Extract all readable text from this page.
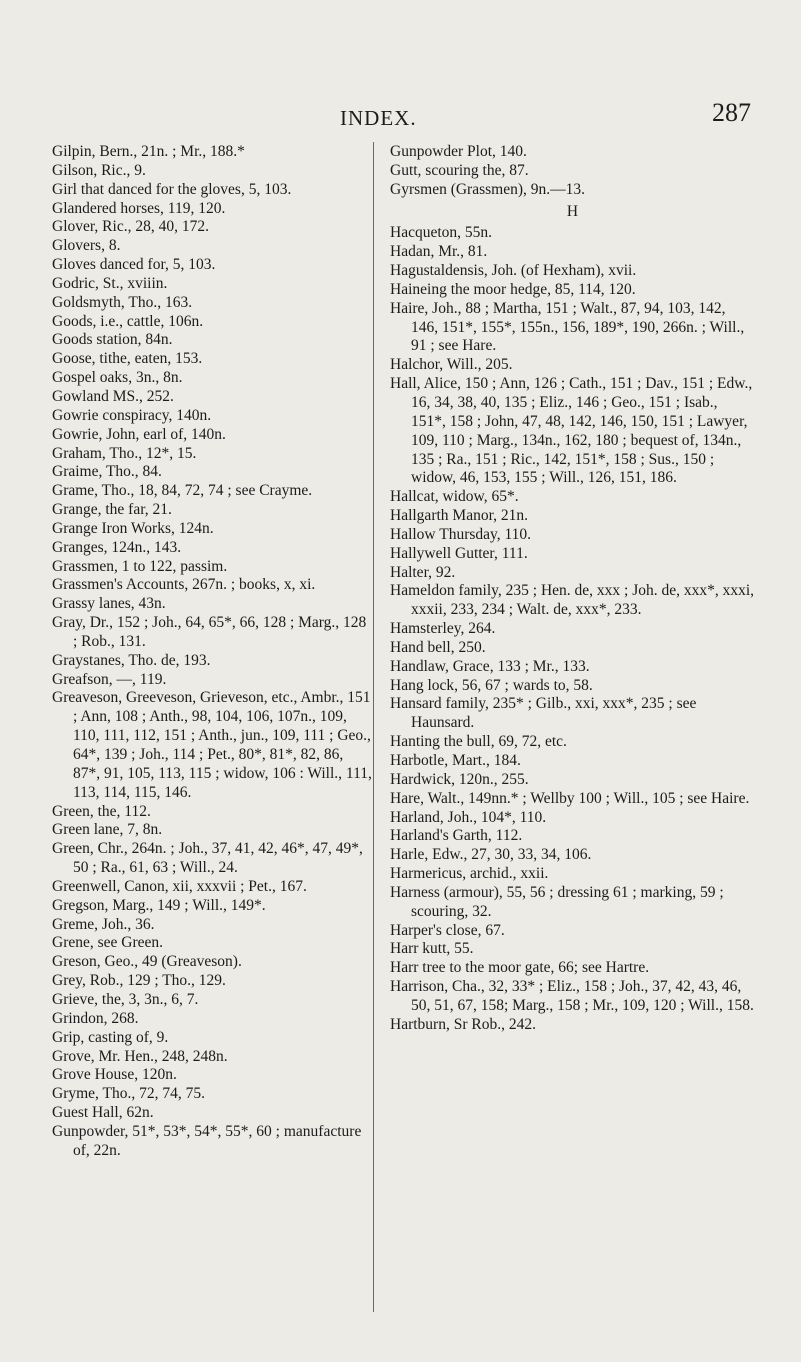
INDEX.	287

Gilpin, Bern., 21n. ; Mr., 188.*

Gilson, Ric., 9.

Girl that danced for the gloves, 5, 103.

Glandered horses, 119, 120.

Glover, Ric., 28, 40, 172.

Glovers, 8.

Gloves danced for, 5, 103.

Godric, St., xviiin.

Goldsmyth, Tho., 163.

Goods, i.e., cattle, 106n.

Goods station, 84n.

Goose, tithe, eaten, 153.

Gospel oaks, 3n., 8n.

Gowland MS., 252.

Gowrie conspiracy, 140n.

Gowrie, John, earl of, 140n.

Graham, Tho., 12*, 15.

Graime, Tho., 84.

Grame, Tho., 18, 84, 72, 74 ; see Crayme.

Grange, the far, 21.

Grange Iron Works, 124n.

Granges, 124n., 143.

Grassmen, 1 to 122, passim.

Grassmen's Accounts, 267n. ; books, x, xi.

Grassy lanes, 43n.

Gray, Dr., 152 ; Joh., 64, 65*, 66, 128 ; Marg., 128 ; Rob., 131.

Graystanes, Tho. de, 193.

Greafson, —, 119.

Greaveson, Greeveson, Grieveson, etc., Ambr., 151 ; Ann, 108 ; Anth., 98, 104, 106, 107n., 109, 110, 111, 112, 151 ; Anth., jun., 109, 111 ; Geo., 64*, 139 ; Joh., 114 ; Pet., 80*, 81*, 82, 86, 87*, 91, 105, 113, 115 ; widow, 106 : Will., 111, 113, 114, 115, 146.

Green, the, 112.

Green lane, 7, 8n.

Green, Chr., 264n. ; Joh., 37, 41, 42, 46*, 47, 49*, 50 ; Ra., 61, 63 ; Will., 24.

Greenwell, Canon, xii, xxxvii ; Pet., 167.

Gregson, Marg., 149 ; Will., 149*.

Greme, Joh., 36.

Grene, see Green.

Greson, Geo., 49 (Greaveson).

Grey, Rob., 129 ; Tho., 129.

Grieve, the, 3, 3n., 6, 7.

Grindon, 268.

Grip, casting of, 9.

Grove, Mr. Hen., 248, 248n.

Grove House, 120n.

Gryme, Tho., 72, 74, 75.

Guest Hall, 62n.

Gunpowder, 51*, 53*, 54*, 55*, 60 ; manufacture of, 22n.

Gunpowder Plot, 140.

Gutt, scouring the, 87.

Gyrsmen (Grassmen), 9n.—13.

H

Hacqueton, 55n.

Hadan, Mr., 81.

Hagustaldensis, Joh. (of Hexham), xvii.

Haineing the moor hedge, 85, 114, 120.

Haire, Joh., 88 ; Martha, 151 ; Walt., 87, 94, 103, 142, 146, 151*, 155*, 155n., 156, 189*, 190, 266n. ; Will., 91 ; see Hare.

Halchor, Will., 205.

Hall, Alice, 150 ; Ann, 126 ; Cath., 151 ; Dav., 151 ; Edw., 16, 34, 38, 40, 135 ; Eliz., 146 ; Geo., 151 ; Isab., 151*, 158 ; John, 47, 48, 142, 146, 150, 151 ; Lawyer, 109, 110 ; Marg., 134n., 162, 180 ; bequest of, 134n., 135 ; Ra., 151 ; Ric., 142, 151*, 158 ; Sus., 150 ; widow, 46, 153, 155 ; Will., 126, 151, 186.

Hallcat, widow, 65*.

Hallgarth Manor, 21n.

Hallow Thursday, 110.

Hallywell Gutter, 111.

Halter, 92.

Hameldon family, 235 ; Hen. de, xxx ; Joh. de, xxx*, xxxi, xxxii, 233, 234 ; Walt. de, xxx*, 233.

Hamsterley, 264.

Hand bell, 250.

Handlaw, Grace, 133 ; Mr., 133.

Hang lock, 56, 67 ; wards to, 58.

Hansard family, 235* ; Gilb., xxi, xxx*, 235 ; see Haunsard.

Hanting the bull, 69, 72, etc.

Harbotle, Mart., 184.

Hardwick, 120n., 255.

Hare, Walt., 149nn.* ; Wellby 100 ; Will., 105 ; see Haire.

Harland, Joh., 104*, 110.

Harland's Garth, 112.

Harle, Edw., 27, 30, 33, 34, 106.

Harmericus, archid., xxii.

Harness (armour), 55, 56 ; dressing 61 ; marking, 59 ; scouring, 32.

Harper's close, 67.

Harr kutt, 55.

Harr tree to the moor gate, 66; see Hartre.

Harrison, Cha., 32, 33* ; Eliz., 158 ; Joh., 37, 42, 43, 46, 50, 51, 67, 158; Marg., 158 ; Mr., 109, 120 ; Will., 158.

Hartburn, Sr Rob., 242.
